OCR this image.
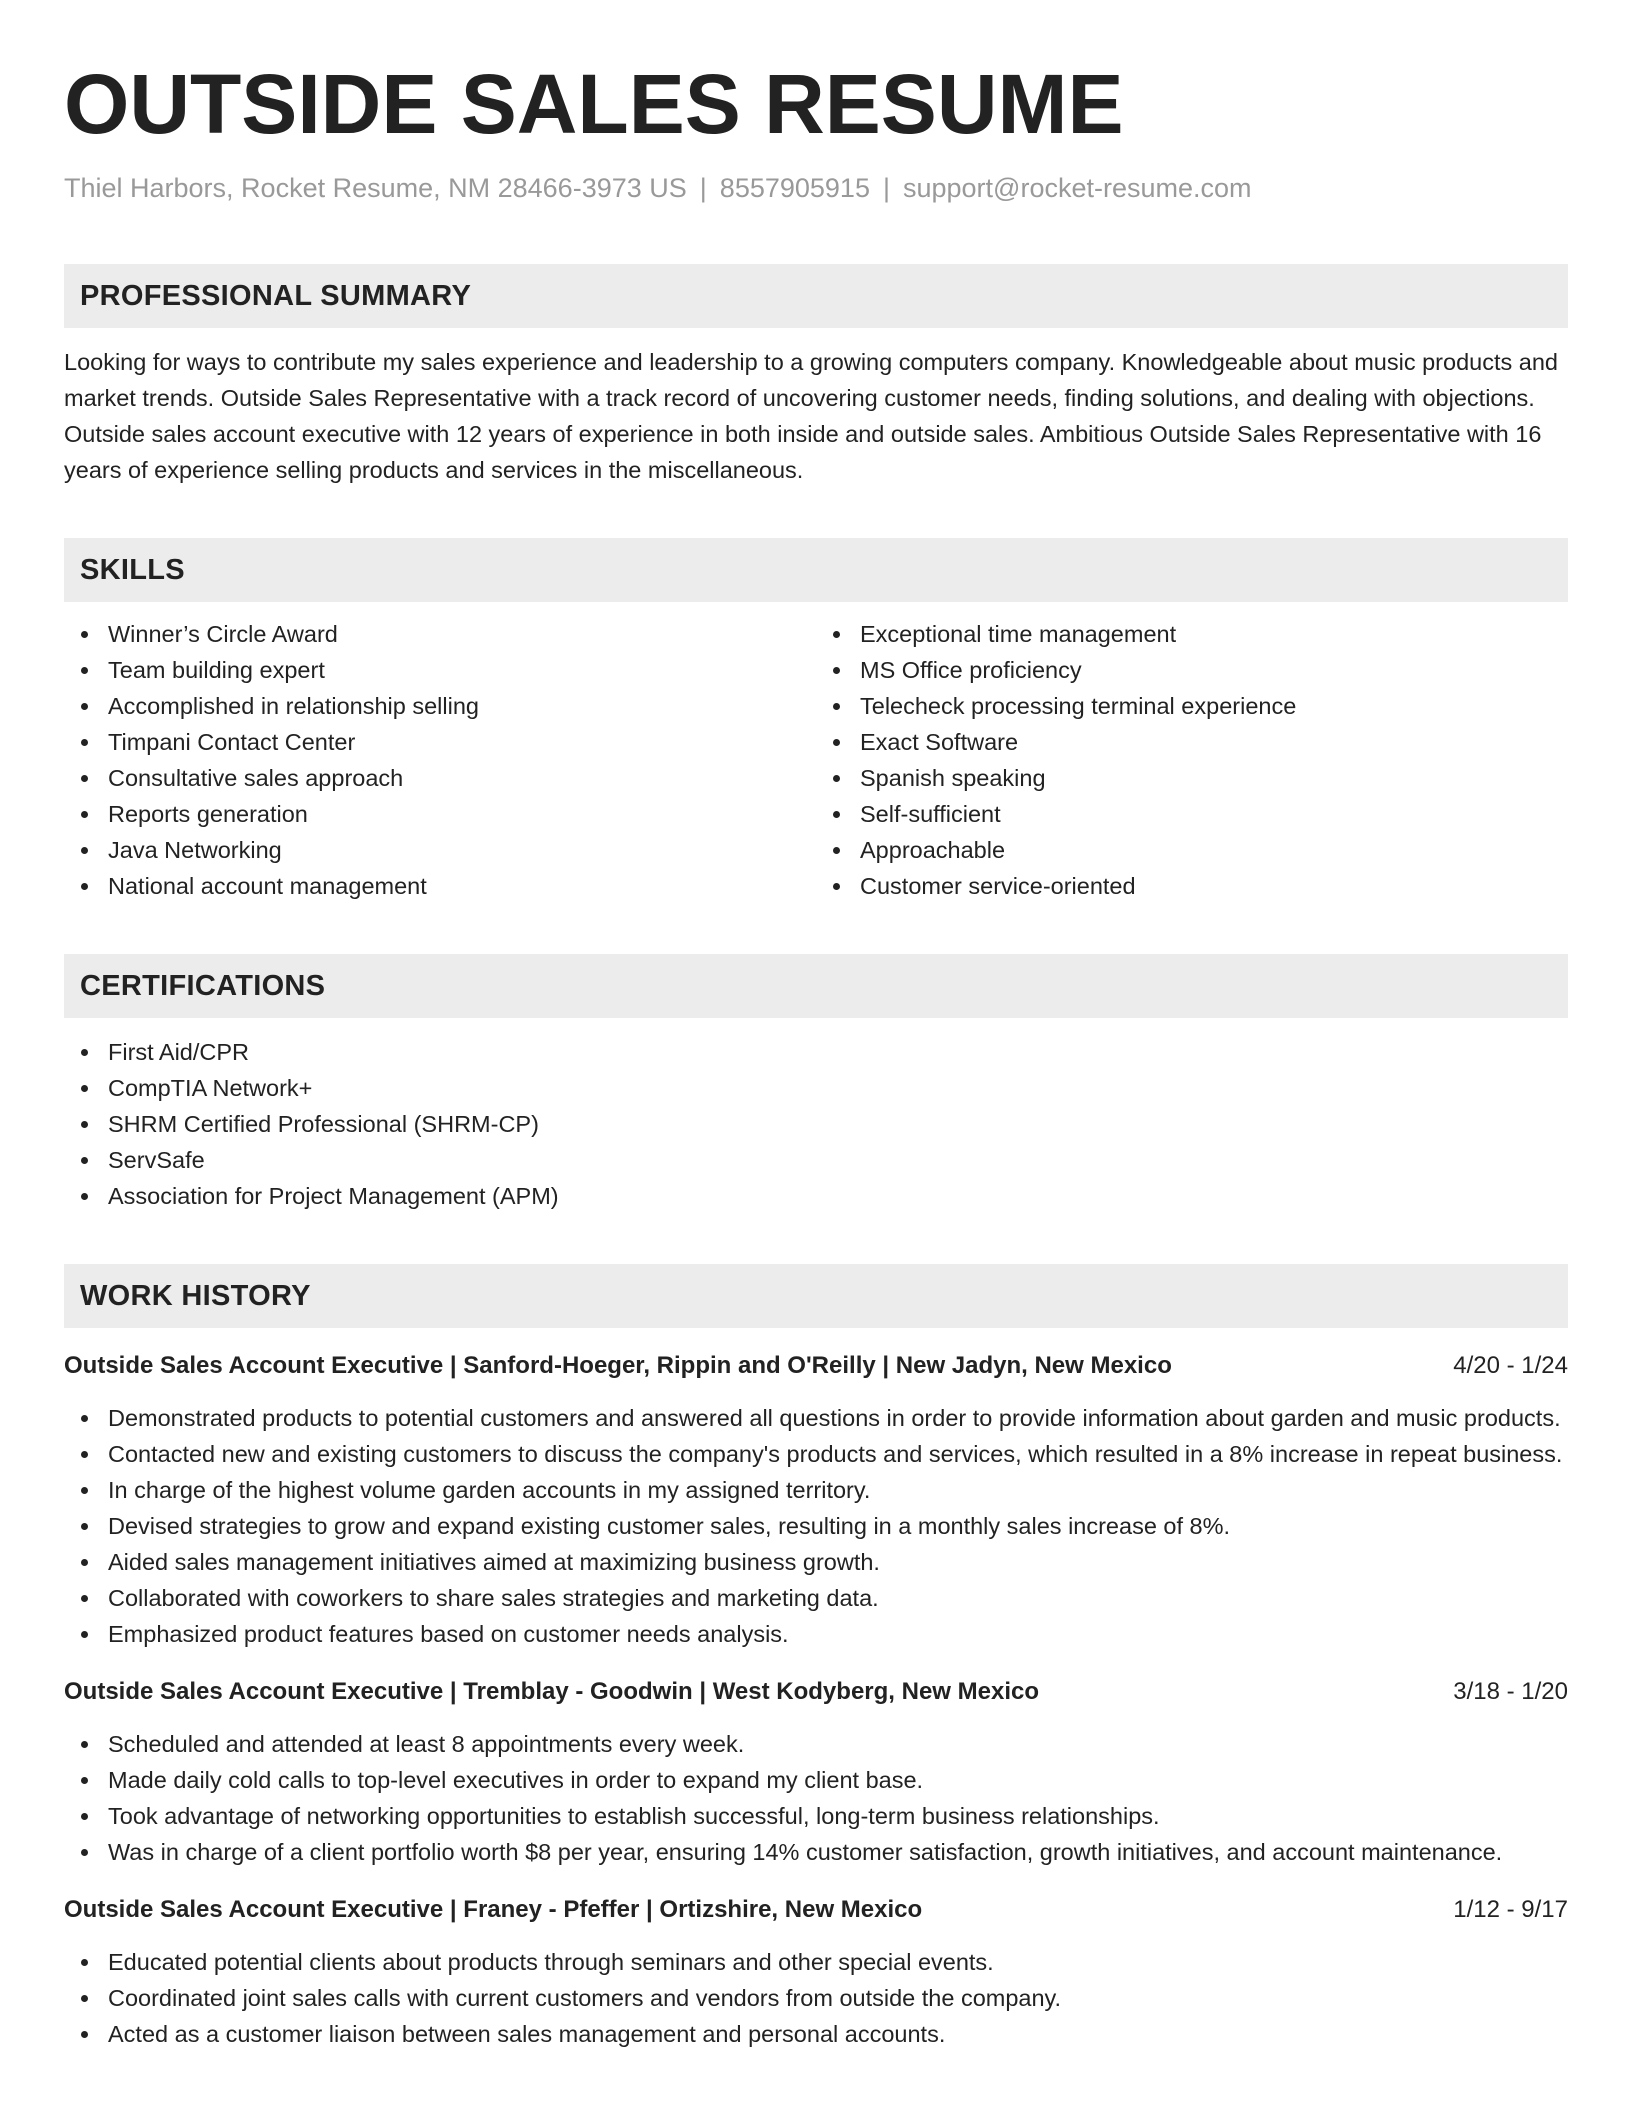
OUTSIDE SALES RESUME
Thiel Harbors, Rocket Resume, NM 28466-3973 US | 8557905915 | support@rocket-resume.com
PROFESSIONAL SUMMARY

Looking for ways to contribute my sales experience and leadership to a growing computers company. Knowledgeable about music products and market trends. Outside Sales Representative with a track record of uncovering customer needs, finding solutions, and dealing with objections. Outside sales account executive with 12 years of experience in both inside and outside sales. Ambitious Outside Sales Representative with 16 years of experience selling products and services in the miscellaneous.

SKILLS
Winner’s Circle Award
Team building expert
Accomplished in relationship selling
Timpani Contact Center
Consultative sales approach
Reports generation
Java Networking
National account management
Exceptional time management
MS Office proficiency
Telecheck processing terminal experience
Exact Software
Spanish speaking
Self-sufficient
Approachable
Customer service-oriented
CERTIFICATIONS
First Aid/CPR
CompTIA Network+
SHRM Certified Professional (SHRM-CP)
ServSafe
Association for Project Management (APM)
WORK HISTORY
Outside Sales Account Executive | Sanford-Hoeger, Rippin and O'Reilly | New Jadyn, New Mexico	4/20 - 1/24
Demonstrated products to potential customers and answered all questions in order to provide information about garden and music products.
Contacted new and existing customers to discuss the company's products and services, which resulted in a 8% increase in repeat business.
In charge of the highest volume garden accounts in my assigned territory.
Devised strategies to grow and expand existing customer sales, resulting in a monthly sales increase of 8%.
Aided sales management initiatives aimed at maximizing business growth.
Collaborated with coworkers to share sales strategies and marketing data.
Emphasized product features based on customer needs analysis.
Outside Sales Account Executive | Tremblay - Goodwin | West Kodyberg, New Mexico	3/18 - 1/20
Scheduled and attended at least 8 appointments every week.
Made daily cold calls to top-level executives in order to expand my client base.
Took advantage of networking opportunities to establish successful, long-term business relationships.
Was in charge of a client portfolio worth $8 per year, ensuring 14% customer satisfaction, growth initiatives, and account maintenance.
Outside Sales Account Executive | Franey - Pfeffer | Ortizshire, New Mexico	1/12 - 9/17
Educated potential clients about products through seminars and other special events.
Coordinated joint sales calls with current customers and vendors from outside the company.
Acted as a customer liaison between sales management and personal accounts.
